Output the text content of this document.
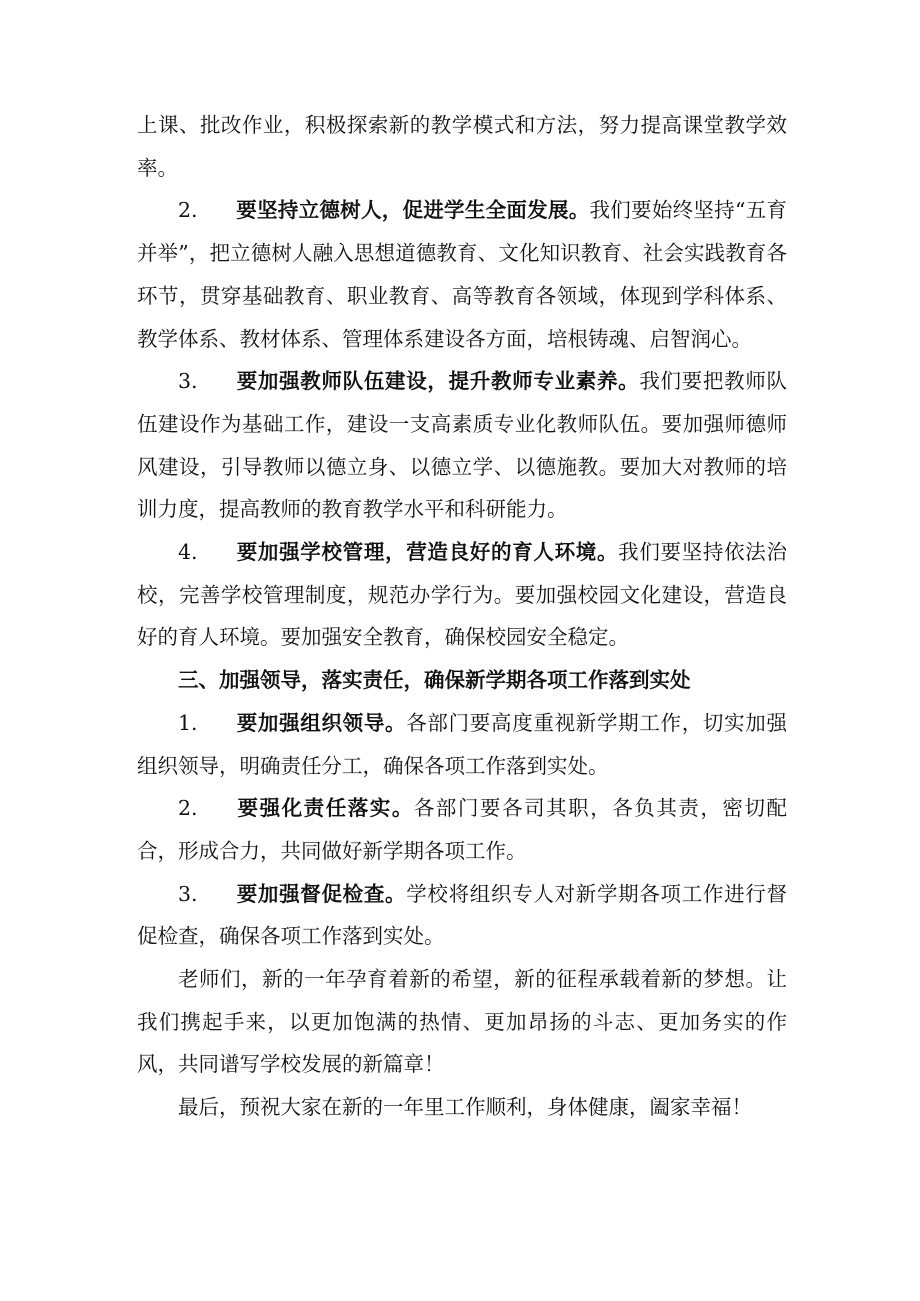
上课、批改作业，积极探索新的教学模式和方法，努力提高课堂教学效率。

2. 要坚持立德树人，促进学生全面发展。我们要始终坚持“五育并举”，把立德树人融入思想道德教育、文化知识教育、社会实践教育各环节，贯穿基础教育、职业教育、高等教育各领域，体现到学科体系、教学体系、教材体系、管理体系建设各方面，培根铸魂、启智润心。

3. 要加强教师队伍建设，提升教师专业素养。我们要把教师队伍建设作为基础工作，建设一支高素质专业化教师队伍。要加强师德师风建设，引导教师以德立身、以德立学、以德施教。要加大对教师的培训力度，提高教师的教育教学水平和科研能力。

4. 要加强学校管理，营造良好的育人环境。我们要坚持依法治校，完善学校管理制度，规范办学行为。要加强校园文化建设，营造良好的育人环境。要加强安全教育，确保校园安全稳定。

三、加强领导，落实责任，确保新学期各项工作落到实处

1. 要加强组织领导。各部门要高度重视新学期工作，切实加强组织领导，明确责任分工，确保各项工作落到实处。

2. 要强化责任落实。各部门要各司其职，各负其责，密切配合，形成合力，共同做好新学期各项工作。

3. 要加强督促检查。学校将组织专人对新学期各项工作进行督促检查，确保各项工作落到实处。

老师们，新的一年孕育着新的希望，新的征程承载着新的梦想。让我们携起手来，以更加饱满的热情、更加昂扬的斗志、更加务实的作风，共同谱写学校发展的新篇章！

最后，预祝大家在新的一年里工作顺利，身体健康，阖家幸福！
